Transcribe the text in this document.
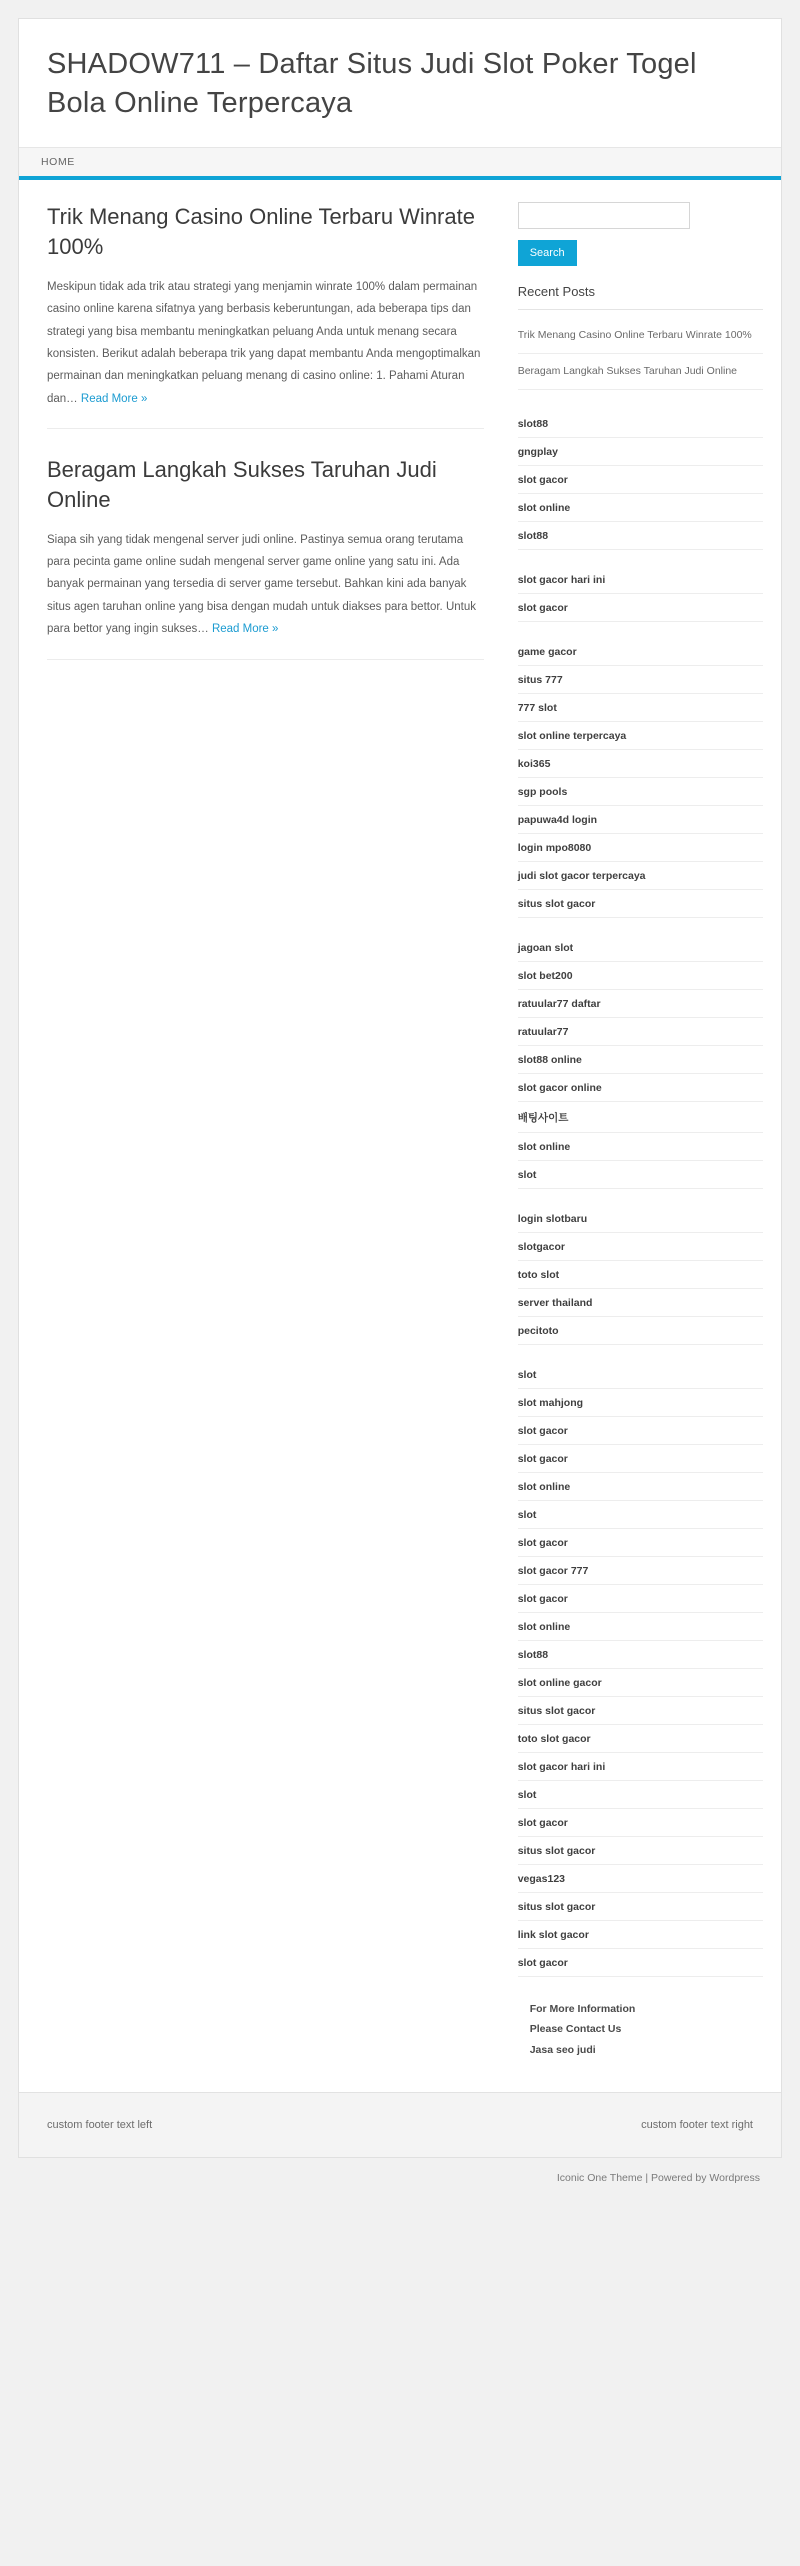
SHADOW711 – Daftar Situs Judi Slot Poker Togel Bola Online Terpercaya
HOME
Trik Menang Casino Online Terbaru Winrate 100%

Meskipun tidak ada trik atau strategi yang menjamin winrate 100% dalam permainan casino online karena sifatnya yang berbasis keberuntungan, ada beberapa tips dan strategi yang bisa membantu meningkatkan peluang Anda untuk menang secara konsisten. Berikut adalah beberapa trik yang dapat membantu Anda mengoptimalkan permainan dan meningkatkan peluang menang di casino online: 1. Pahami Aturan dan… Read More »

Beragam Langkah Sukses Taruhan Judi Online

Siapa sih yang tidak mengenal server judi online. Pastinya semua orang terutama para pecinta game online sudah mengenal server game online yang satu ini. Ada banyak permainan yang tersedia di server game tersebut. Bahkan kini ada banyak situs agen taruhan online yang bisa dengan mudah untuk diakses para bettor. Untuk para bettor yang ingin sukses… Read More »

Search
Recent Posts
Trik Menang Casino Online Terbaru Winrate 100%
Beragam Langkah Sukses Taruhan Judi Online
slot88
gngplay
slot gacor
slot online
slot88
slot gacor hari ini
slot gacor
game gacor
situs 777
777 slot
slot online terpercaya
koi365
sgp pools
papuwa4d login
login mpo8080
judi slot gacor terpercaya
situs slot gacor
jagoan slot
slot bet200
ratuular77 daftar
ratuular77
slot88 online
slot gacor online
배팅사이트
slot online
slot
login slotbaru
slotgacor
toto slot
server thailand
pecitoto
slot
slot mahjong
slot gacor
slot gacor
slot online
slot
slot gacor
slot gacor 777
slot gacor
slot online
slot88
slot online gacor
situs slot gacor
toto slot gacor
slot gacor hari ini
slot
slot gacor
situs slot gacor
vegas123
situs slot gacor
link slot gacor
slot gacor
For More Information
Please Contact Us
Jasa seo judi
custom footer text left	custom footer text right
Iconic One Theme | Powered by Wordpress
